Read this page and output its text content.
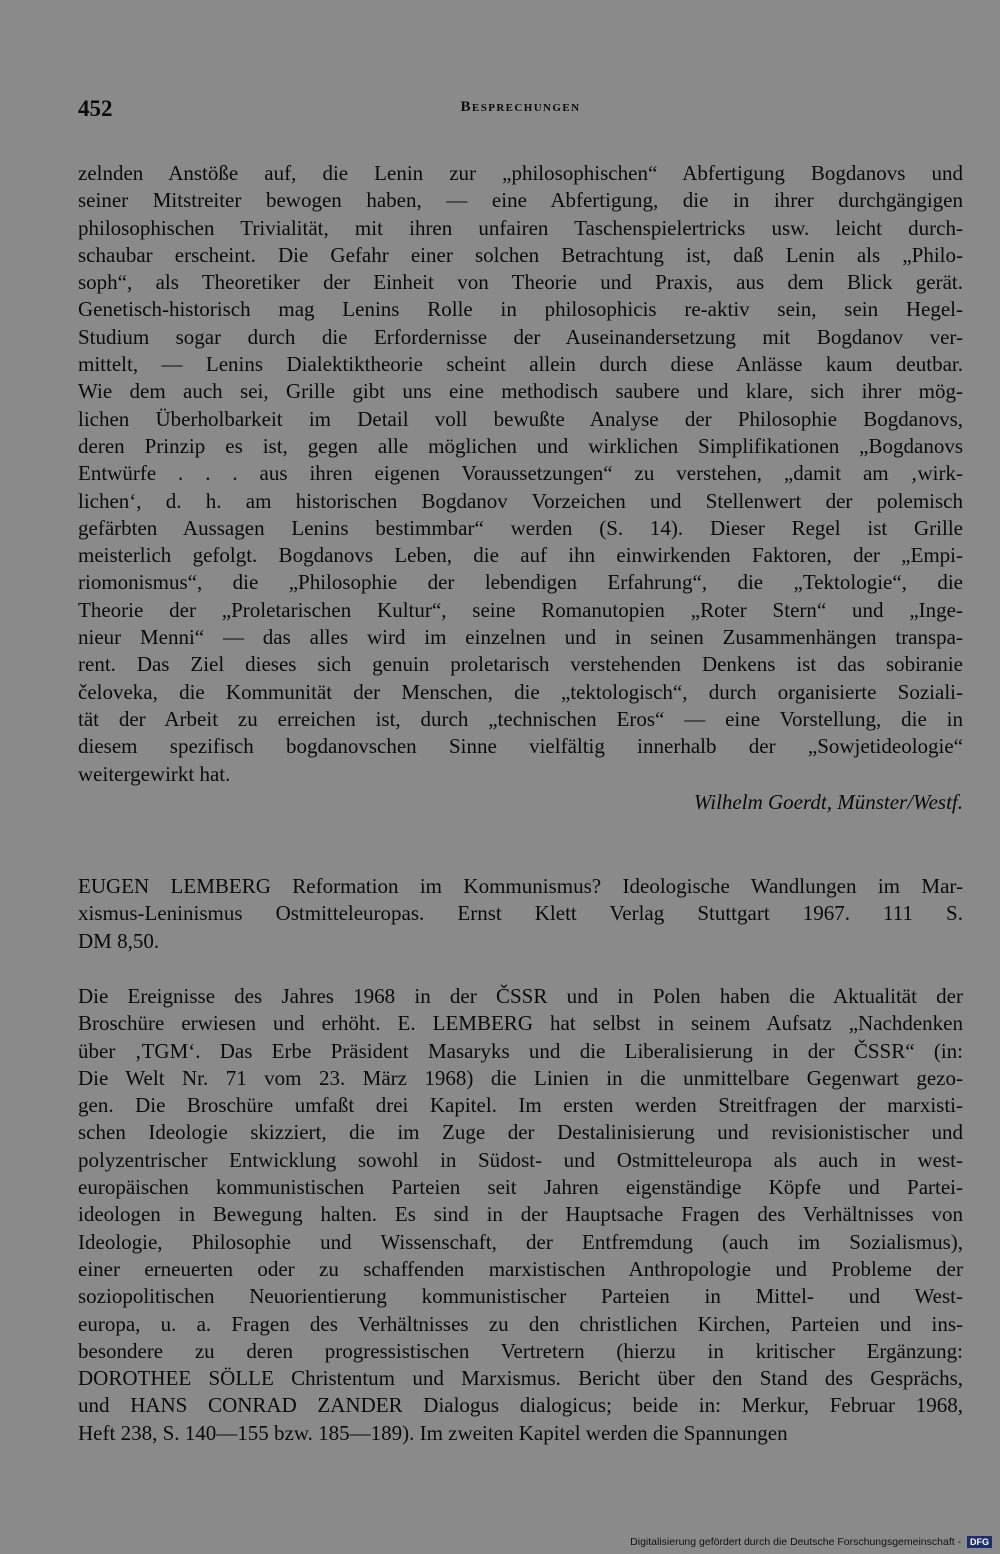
452	Besprechungen
zelnden Anstöße auf, die Lenin zur „philosophischen“ Abfertigung Bogdanovs und
seiner Mitstreiter bewogen haben, — eine Abfertigung, die in ihrer durchgängigen
philosophischen Trivialität, mit ihren unfairen Taschenspielertricks usw. leicht durch-
schaubar erscheint. Die Gefahr einer solchen Betrachtung ist, daß Lenin als „Philo-
soph“, als Theoretiker der Einheit von Theorie und Praxis, aus dem Blick gerät.
Genetisch-historisch mag Lenins Rolle in philosophicis re-aktiv sein, sein Hegel-
Studium sogar durch die Erfordernisse der Auseinandersetzung mit Bogdanov ver-
mittelt, — Lenins Dialektiktheorie scheint allein durch diese Anlässe kaum deutbar.
Wie dem auch sei, Grille gibt uns eine methodisch saubere und klare, sich ihrer mög-
lichen Überholbarkeit im Detail voll bewußte Analyse der Philosophie Bogdanovs,
deren Prinzip es ist, gegen alle möglichen und wirklichen Simplifikationen „Bogdanovs
Entwürfe . . . aus ihren eigenen Voraussetzungen“ zu verstehen, „damit am ‚wirk-
lichen‘, d. h. am historischen Bogdanov Vorzeichen und Stellenwert der polemisch
gefärbten Aussagen Lenins bestimmbar“ werden (S. 14). Dieser Regel ist Grille
meisterlich gefolgt. Bogdanovs Leben, die auf ihn einwirkenden Faktoren, der „Empi-
riomonismus“, die „Philosophie der lebendigen Erfahrung“, die „Tektologie“, die
Theorie der „Proletarischen Kultur“, seine Romanutopien „Roter Stern“ und „Inge-
nieur Menni“ — das alles wird im einzelnen und in seinen Zusammenhängen transpa-
rent. Das Ziel dieses sich genuin proletarisch verstehenden Denkens ist das sobiranie
čeloveka, die Kommunität der Menschen, die „tektologisch“, durch organisierte Soziali-
tät der Arbeit zu erreichen ist, durch „technischen Eros“ — eine Vorstellung, die in
diesem spezifisch bogdanovschen Sinne vielfältig innerhalb der „Sowjetideologie“
weitergewirkt hat.
Wilhelm Goerdt, Münster/Westf.
EUGEN LEMBERG Reformation im Kommunismus? Ideologische Wandlungen im Mar-
xismus-Leninismus Ostmitteleuropas. Ernst Klett Verlag Stuttgart 1967. 111 S.
DM 8,50.
Die Ereignisse des Jahres 1968 in der ČSSR und in Polen haben die Aktualität der
Broschüre erwiesen und erhöht. E. LEMBERG hat selbst in seinem Aufsatz „Nachdenken
über ‚TGM‘. Das Erbe Präsident Masaryks und die Liberalisierung in der ČSSR“ (in:
Die Welt Nr. 71 vom 23. März 1968) die Linien in die unmittelbare Gegenwart gezo-
gen. Die Broschüre umfaßt drei Kapitel. Im ersten werden Streitfragen der marxisti-
schen Ideologie skizziert, die im Zuge der Destalinisierung und revisionistischer und
polyzentrischer Entwicklung sowohl in Südost- und Ostmitteleuropa als auch in west-
europäischen kommunistischen Parteien seit Jahren eigenständige Köpfe und Partei-
ideologen in Bewegung halten. Es sind in der Hauptsache Fragen des Verhältnisses von
Ideologie, Philosophie und Wissenschaft, der Entfremdung (auch im Sozialismus),
einer erneuerten oder zu schaffenden marxistischen Anthropologie und Probleme der
soziopolitischen Neuorientierung kommunistischer Parteien in Mittel- und West-
europa, u. a. Fragen des Verhältnisses zu den christlichen Kirchen, Parteien und ins-
besondere zu deren progressistischen Vertretern (hierzu in kritischer Ergänzung:
DOROTHEE SÖLLE Christentum und Marxismus. Bericht über den Stand des Gesprächs,
und HANS CONRAD ZANDER Dialogus dialogicus; beide in: Merkur, Februar 1968,
Heft 238, S. 140—155 bzw. 185—189). Im zweiten Kapitel werden die Spannungen
Digitalisierung gefördert durch die Deutsche Forschungsgemeinschaft - DFG
